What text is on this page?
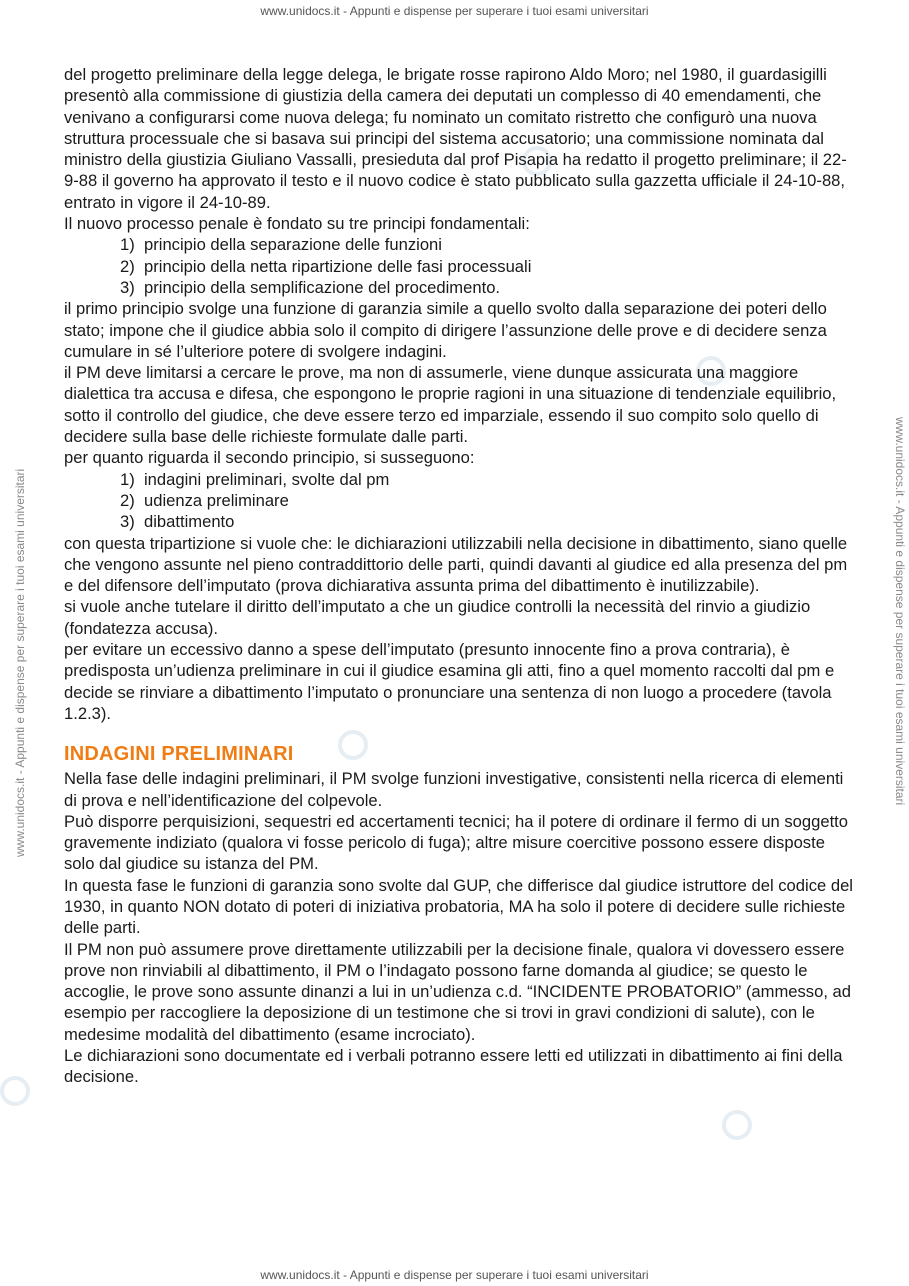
www.unidocs.it - Appunti e dispense per superare i tuoi esami universitari
www.unidocs.it - Appunti e dispense per superare i tuoi esami universitari	www.unidocs.it - Appunti e dispense per superare i tuoi esami universitari

del progetto preliminare della legge delega, le brigate rosse rapirono Aldo Moro; nel 1980, il guardasigilli presentò alla commissione di giustizia della camera dei deputati un complesso di 40 emendamenti, che venivano a configurarsi come nuova delega; fu nominato un comitato ristretto che configurò una nuova struttura processuale che si basava sui principi del sistema accusatorio; una commissione nominata dal ministro della giustizia Giuliano Vassalli, presieduta dal prof Pisapia ha redatto il progetto preliminare; il 22-9-88 il governo ha approvato il testo e il nuovo codice è stato pubblicato sulla gazzetta ufficiale il 24-10-88, entrato in vigore il 24-10-89.

Il nuovo processo penale è fondato su tre principi fondamentali:

1) principio della separazione delle funzioni
2) principio della netta ripartizione delle fasi processuali
3) principio della semplificazione del procedimento.

il primo principio svolge una funzione di garanzia simile a quello svolto dalla separazione dei poteri dello stato; impone che il giudice abbia solo il compito di dirigere l’assunzione delle prove e di decidere senza cumulare in sé l’ulteriore potere di svolgere indagini.

il PM deve limitarsi a cercare le prove, ma non di assumerle, viene dunque assicurata una maggiore dialettica tra accusa e difesa, che espongono le proprie ragioni in una situazione di tendenziale equilibrio, sotto il controllo del giudice, che deve essere terzo ed imparziale, essendo il suo compito solo quello di decidere sulla base delle richieste formulate dalle parti.

per quanto riguarda il secondo principio, si susseguono:

1) indagini preliminari, svolte dal pm
2) udienza preliminare
3) dibattimento

con questa tripartizione si vuole che: le dichiarazioni utilizzabili nella decisione in dibattimento, siano quelle che vengono assunte nel pieno contraddittorio delle parti, quindi davanti al giudice ed alla presenza del pm e del difensore dell’imputato (prova dichiarativa assunta prima del dibattimento è inutilizzabile).

si vuole anche tutelare il diritto dell’imputato a che un giudice controlli la necessità del rinvio a giudizio (fondatezza accusa).

per evitare un eccessivo danno a spese dell’imputato (presunto innocente fino a prova contraria), è predisposta un’udienza preliminare in cui il giudice esamina gli atti, fino a quel momento raccolti dal pm e decide se rinviare a dibattimento l’imputato o pronunciare una sentenza di non luogo a procedere (tavola 1.2.3).

INDAGINI PRELIMINARI

Nella fase delle indagini preliminari, il PM svolge funzioni investigative, consistenti nella ricerca di elementi di prova e nell’identificazione del colpevole.

Può disporre perquisizioni, sequestri ed accertamenti tecnici; ha il potere di ordinare il fermo di un soggetto gravemente indiziato (qualora vi fosse pericolo di fuga); altre misure coercitive possono essere disposte solo dal giudice su istanza del PM.

In questa fase le funzioni di garanzia sono svolte dal GUP, che differisce dal giudice istruttore del codice del 1930, in quanto NON dotato di poteri di iniziativa probatoria, MA ha solo il potere di decidere sulle richieste delle parti.

Il PM non può assumere prove direttamente utilizzabili per la decisione finale, qualora vi dovessero essere prove non rinviabili al dibattimento, il PM o l’indagato possono farne domanda al giudice; se questo le accoglie, le prove sono assunte dinanzi a lui in un’udienza c.d. “INCIDENTE PROBATORIO” (ammesso, ad esempio per raccogliere la deposizione di un testimone che si trovi in gravi condizioni di salute), con le medesime modalità del dibattimento (esame incrociato).

Le dichiarazioni sono documentate ed i verbali potranno essere letti ed utilizzati in dibattimento ai fini della decisione.

www.unidocs.it - Appunti e dispense per superare i tuoi esami universitari
